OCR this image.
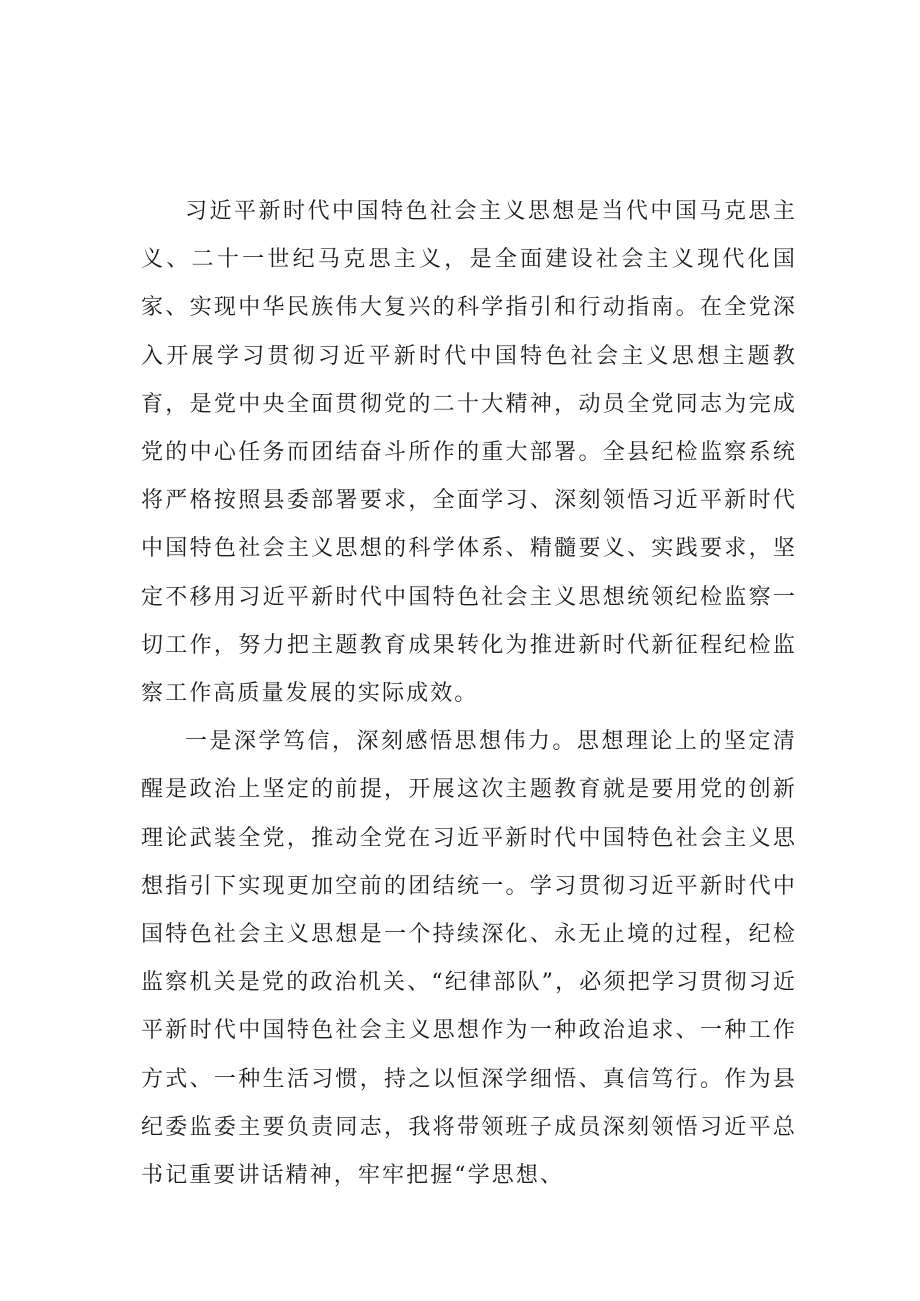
习近平新时代中国特色社会主义思想是当代中国马克思主义、二十一世纪马克思主义，是全面建设社会主义现代化国家、实现中华民族伟大复兴的科学指引和行动指南。在全党深入开展学习贯彻习近平新时代中国特色社会主义思想主题教育，是党中央全面贯彻党的二十大精神，动员全党同志为完成党的中心任务而团结奋斗所作的重大部署。全县纪检监察系统将严格按照县委部署要求，全面学习、深刻领悟习近平新时代中国特色社会主义思想的科学体系、精髓要义、实践要求，坚定不移用习近平新时代中国特色社会主义思想统领纪检监察一切工作，努力把主题教育成果转化为推进新时代新征程纪检监察工作高质量发展的实际成效。

一是深学笃信，深刻感悟思想伟力。思想理论上的坚定清醒是政治上坚定的前提，开展这次主题教育就是要用党的创新理论武装全党，推动全党在习近平新时代中国特色社会主义思想指引下实现更加空前的团结统一。学习贯彻习近平新时代中国特色社会主义思想是一个持续深化、永无止境的过程，纪检监察机关是党的政治机关、“纪律部队”，必须把学习贯彻习近平新时代中国特色社会主义思想作为一种政治追求、一种工作方式、一种生活习惯，持之以恒深学细悟、真信笃行。作为县纪委监委主要负责同志，我将带领班子成员深刻领悟习近平总书记重要讲话精神，牢牢把握“学思想、
